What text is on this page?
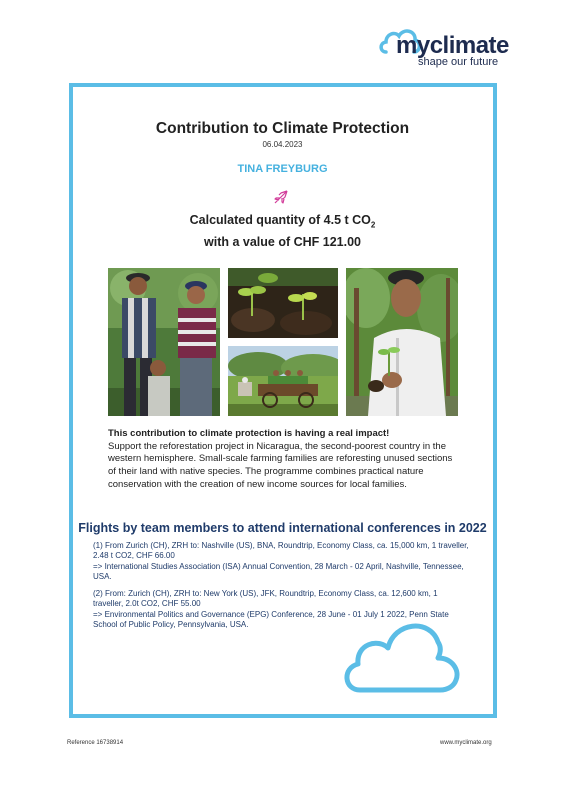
myclimate
shape our future
Contribution to Climate Protection
06.04.2023
TINA FREYBURG
Calculated quantity of 4.5 t $CO_2$
with a value of CHF 121.00
This contribution to climate protection is having a real impact!
Support the reforestation project in Nicaragua, the second-poorest country in the western hemisphere. Small-scale farming families are reforesting unused sections of their land with native species. The programme combines practical nature conservation with the creation of new income sources for local families.
Flights by team members to attend international conferences in 2022
(1) From Zurich (CH), ZRH to: Nashville (US), BNA, Roundtrip, Economy Class, ca. 15,000 km, 1 traveller, 2.48 t CO2, CHF 66.00
=> International Studies Association (ISA) Annual Convention, 28 March - 02 April, Nashville, Tennessee, USA.
(2) From: Zurich (CH), ZRH to: New York (US), JFK, Roundtrip, Economy Class, ca. 12,600 km, 1 traveller, 2.0t CO2, CHF 55.00
=> Environmental Politics and Governance (EPG) Conference, 28 June - 01 July 1 2022, Penn State School of Public Policy, Pennsylvania, USA.
Reference 16738914	www.myclimate.org
